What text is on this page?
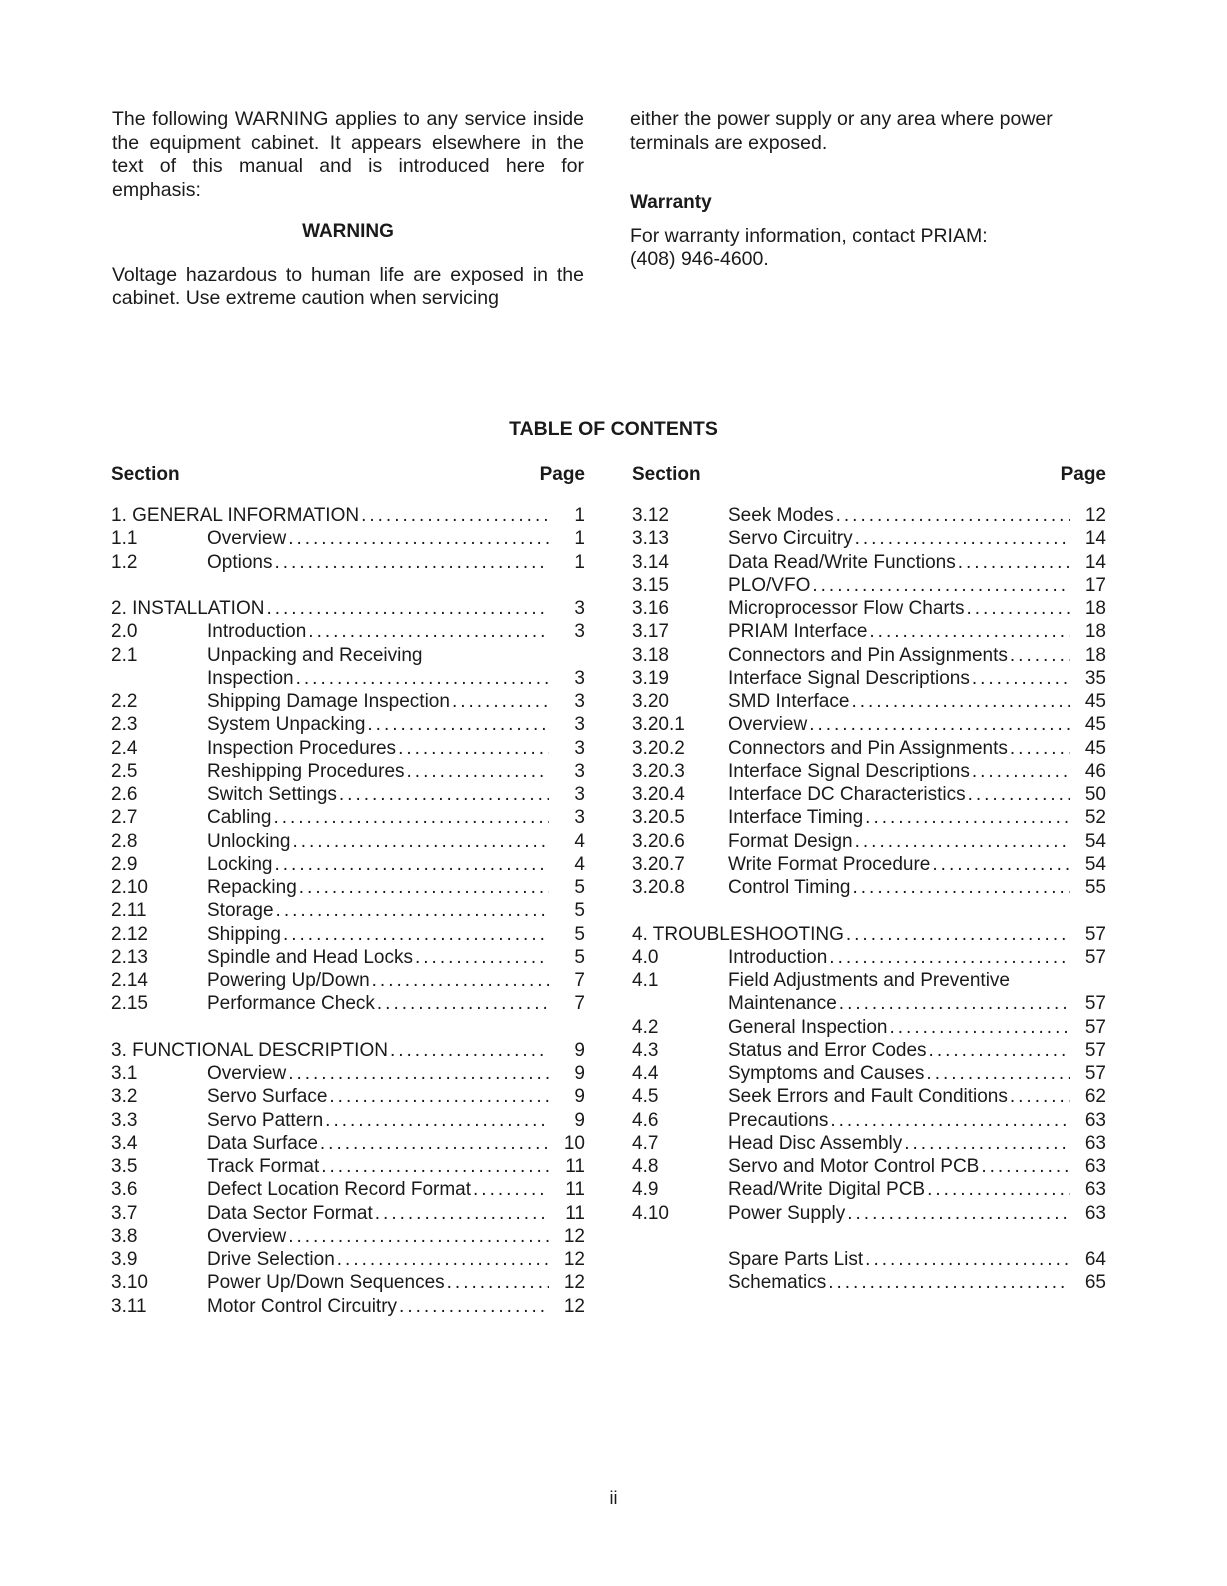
The following WARNING applies to any service inside the equipment cabinet. It appears elsewhere in the text of this manual and is introduced here for emphasis:

WARNING

Voltage hazardous to human life are exposed in the cabinet. Use extreme caution when servicing

either the power supply or any area where power terminals are exposed.

Warranty

For warranty information, contact PRIAM:

(408) 946-4600.

TABLE OF CONTENTS
Section	Page
1. GENERAL INFORMATION .....	1
1.1	Overview .....	1
1.2	Options .....	1
2. INSTALLATION .....	3
2.0	Introduction .....	3
2.1	Unpacking and Receiving
Inspection .....	3
2.2	Shipping Damage Inspection .....	3
2.3	System Unpacking .....	3
2.4	Inspection Procedures .....	3
2.5	Reshipping Procedures .....	3
2.6	Switch Settings .....	3
2.7	Cabling .....	3
2.8	Unlocking .....	4
2.9	Locking .....	4
2.10	Repacking .....	5
2.11	Storage .....	5
2.12	Shipping .....	5
2.13	Spindle and Head Locks .....	5
2.14	Powering Up/Down .....	7
2.15	Performance Check .....	7
3. FUNCTIONAL DESCRIPTION .....	9
3.1	Overview .....	9
3.2	Servo Surface .....	9
3.3	Servo Pattern .....	9
3.4	Data Surface .....	10
3.5	Track Format .....	11
3.6	Defect Location Record Format .....	11
3.7	Data Sector Format .....	11
3.8	Overview .....	12
3.9	Drive Selection .....	12
3.10	Power Up/Down Sequences .....	12
3.11	Motor Control Circuitry .....	12
Section	Page
3.12	Seek Modes .....	12
3.13	Servo Circuitry .....	14
3.14	Data Read/Write Functions .....	14
3.15	PLO/VFO .....	17
3.16	Microprocessor Flow Charts .....	18
3.17	PRIAM Interface .....	18
3.18	Connectors and Pin Assignments .....	18
3.19	Interface Signal Descriptions .....	35
3.20	SMD Interface .....	45
3.20.1	Overview .....	45
3.20.2	Connectors and Pin Assignments .....	45
3.20.3	Interface Signal Descriptions .....	46
3.20.4	Interface DC Characteristics .....	50
3.20.5	Interface Timing .....	52
3.20.6	Format Design .....	54
3.20.7	Write Format Procedure .....	54
3.20.8	Control Timing .....	55
4. TROUBLESHOOTING .....	57
4.0	Introduction .....	57
4.1	Field Adjustments and Preventive
Maintenance .....	57
4.2	General Inspection .....	57
4.3	Status and Error Codes .....	57
4.4	Symptoms and Causes .....	57
4.5	Seek Errors and Fault Conditions .....	62
4.6	Precautions .....	63
4.7	Head Disc Assembly .....	63
4.8	Servo and Motor Control PCB .....	63
4.9	Read/Write Digital PCB .....	63
4.10	Power Supply .....	63
Spare Parts List .....	64
Schematics .....	65
ii
